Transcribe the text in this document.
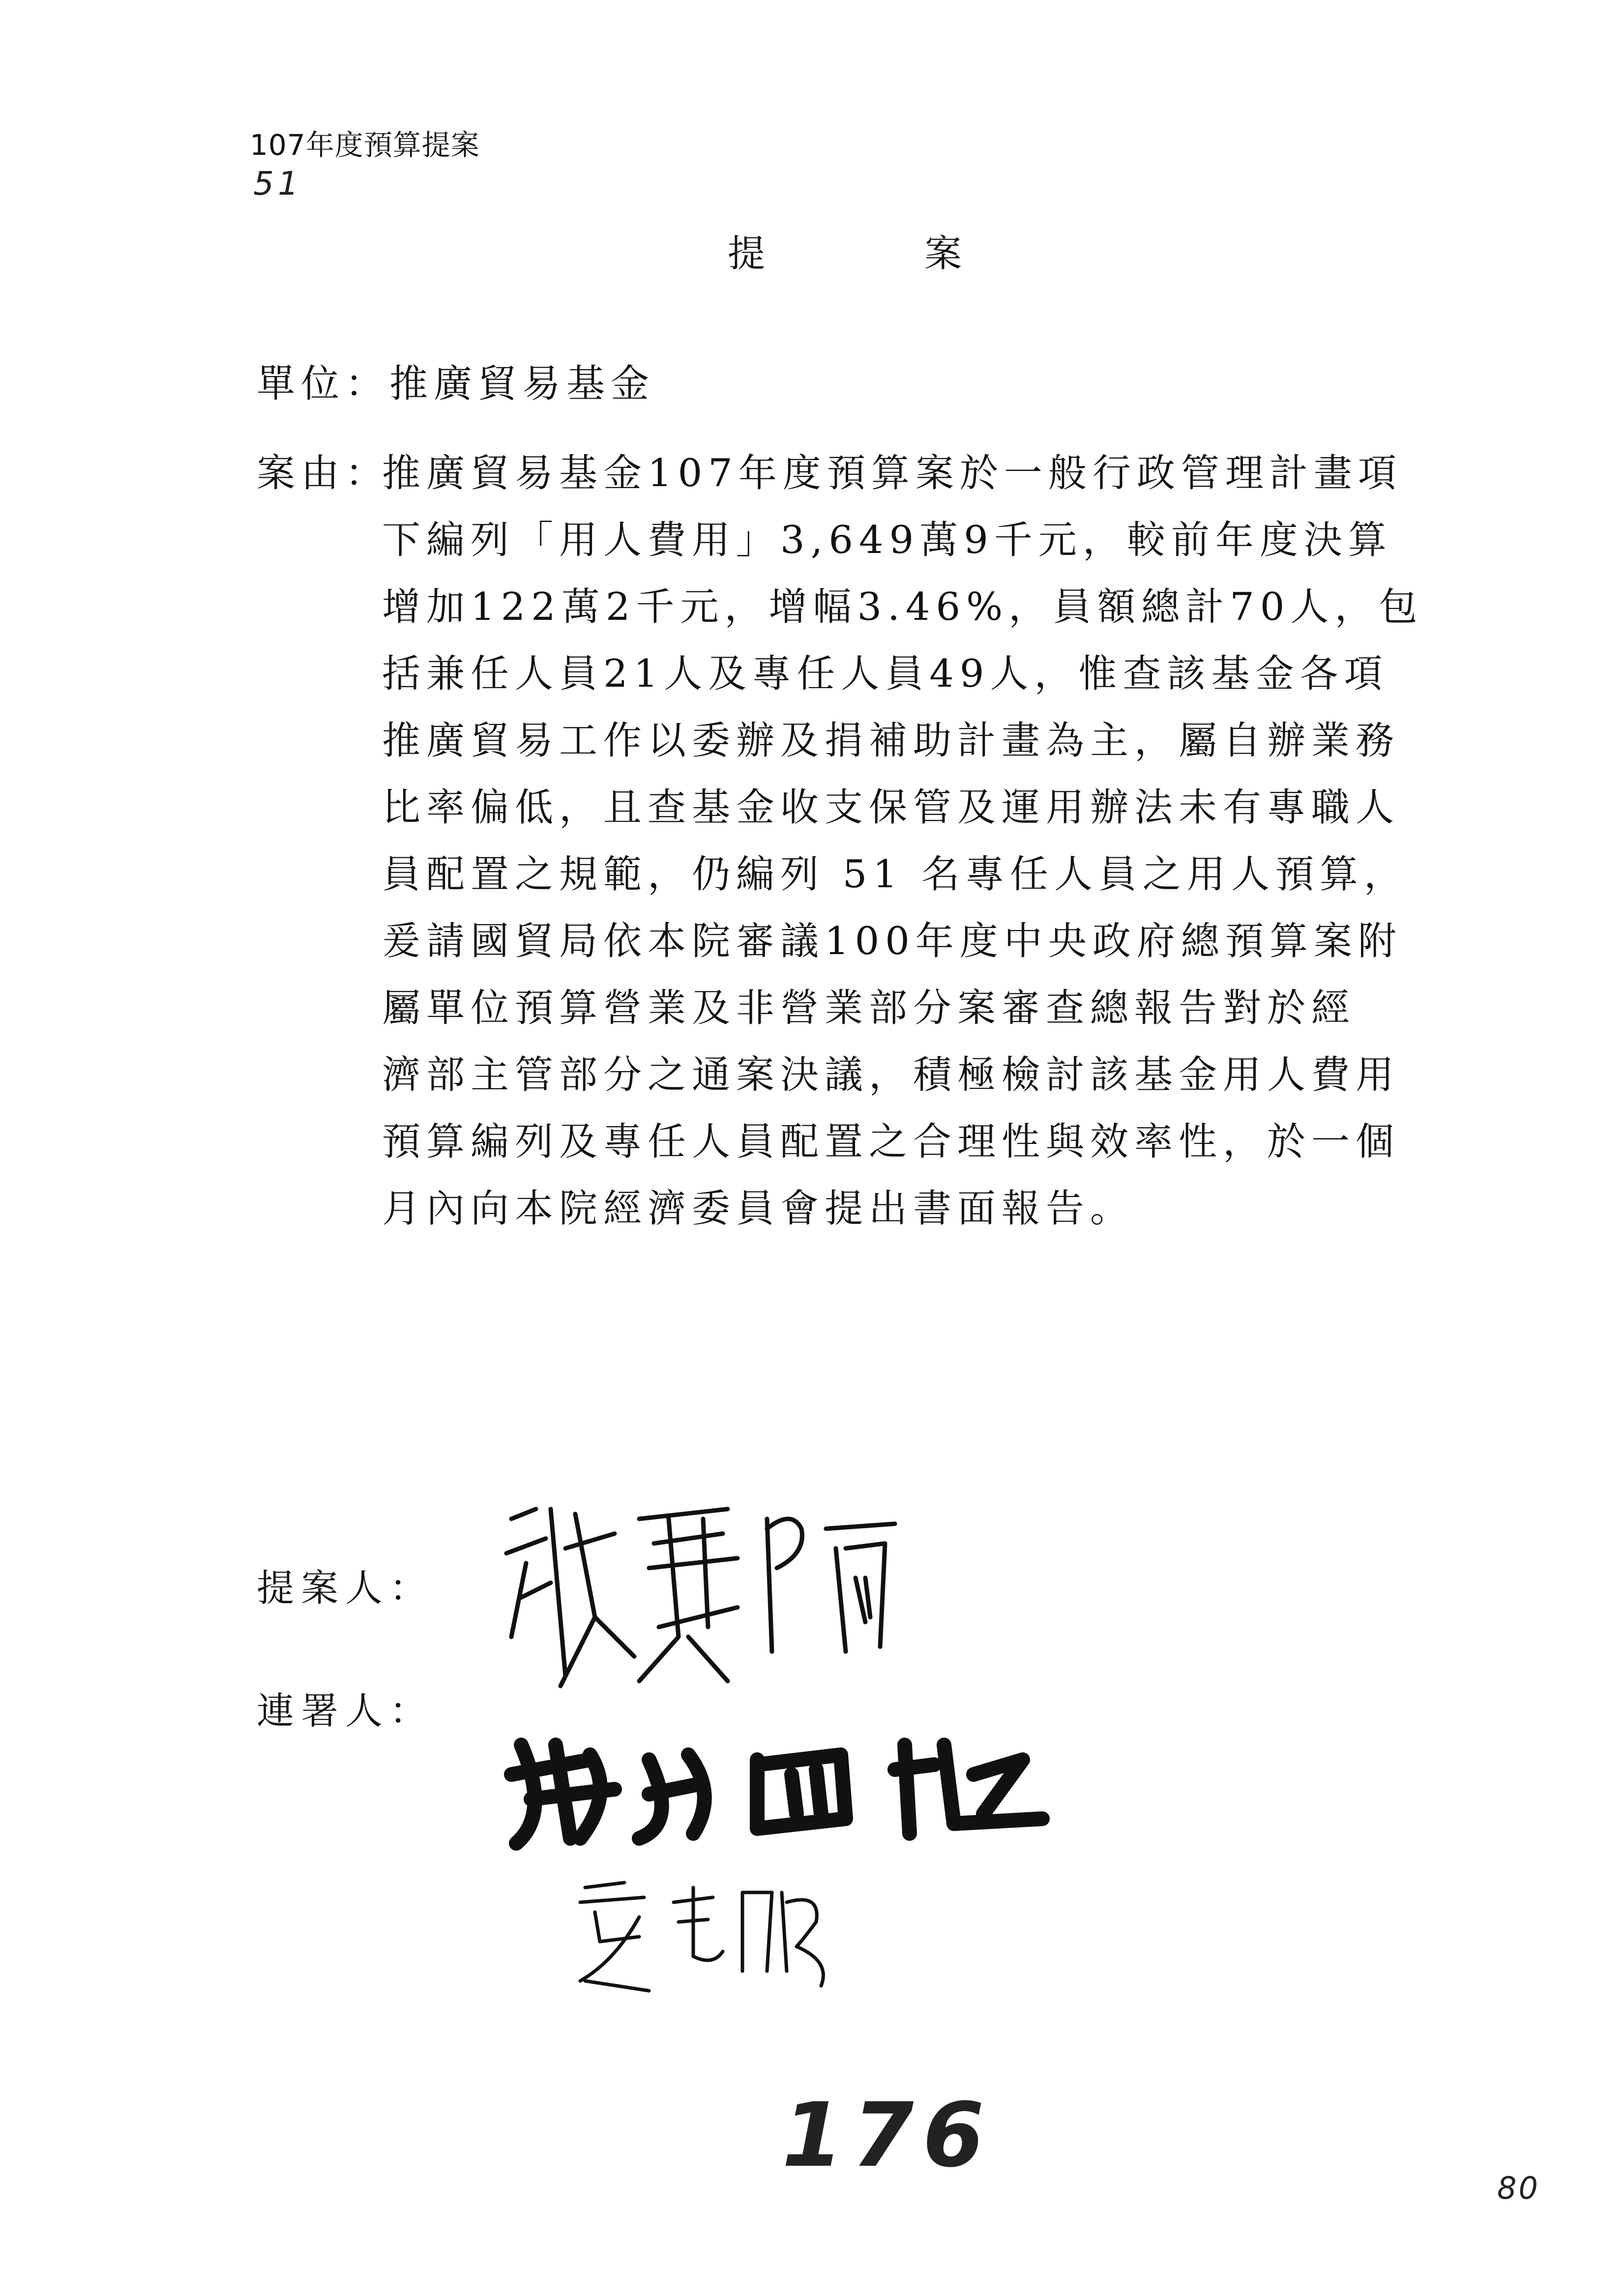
107年度預算提案
51
提 案
單位：推廣貿易基金
案由：
推廣貿易基金107年度預算案於一般行政管理計畫項
下編列「用人費用」3,649萬9千元，較前年度決算
增加122萬2千元，增幅3.46%，員額總計70人，包
括兼任人員21人及專任人員49人，惟查該基金各項
推廣貿易工作以委辦及捐補助計畫為主，屬自辦業務
比率偏低，且查基金收支保管及運用辦法未有專職人
員配置之規範，仍編列 51 名專任人員之用人預算，
爰請國貿局依本院審議100年度中央政府總預算案附
屬單位預算營業及非營業部分案審查總報告對於經
濟部主管部分之通案決議，積極檢討該基金用人費用
預算編列及專任人員配置之合理性與效率性，於一個
月內向本院經濟委員會提出書面報告。
提案人：
連署人：
176
80
